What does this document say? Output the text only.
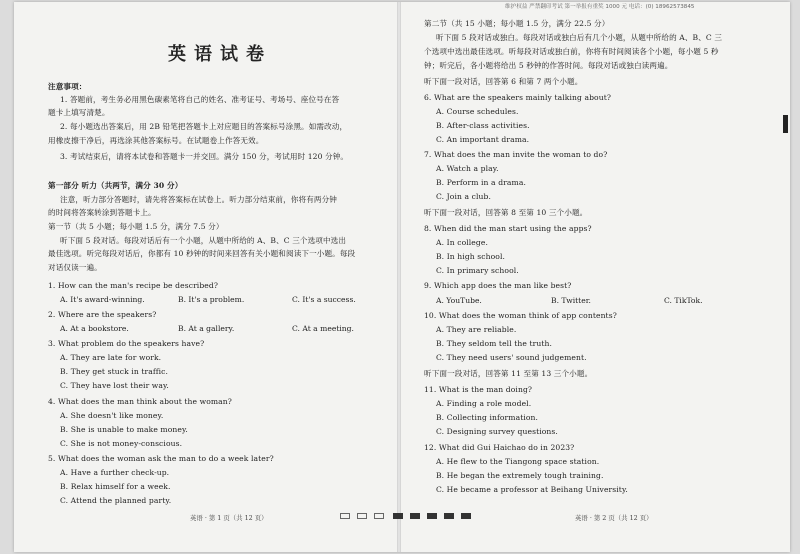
维护权益 严禁翻印考试 第一举报有重奖 1000 元 电话：(0) 18962573845
英语试卷
注意事项：
1. 答题前，考生务必用黑色碳素笔将自己的姓名、准考证号、考场号、座位号在答
题卡上填写清楚。
2. 每小题选出答案后，用 2B 铅笔把答题卡上对应题目的答案标号涂黑。如需改动，
用橡皮擦干净后，再选涂其他答案标号。在试题卷上作答无效。
3. 考试结束后，请将本试卷和答题卡一并交回。满分 150 分，考试用时 120 分钟。
第一部分 听力（共两节，满分 30 分）
注意，听力部分答题时，请先将答案标在试卷上。听力部分结束前，你将有两分钟
的时间将答案转涂到答题卡上。
第一节（共 5 小题；每小题 1.5 分，满分 7.5 分）
听下面 5 段对话。每段对话后有一个小题，从题中所给的 A、B、C 三个选项中选出
最佳选项。听完每段对话后，你都有 10 秒钟的时间来回答有关小题和阅读下一小题。每段
对话仅读一遍。
1. How can the man's recipe be described?
A. It's award-winning.	B. It's a problem.	C. It's a success.
2. Where are the speakers?
A. At a bookstore.	B. At a gallery.	C. At a meeting.
3. What problem do the speakers have?
A. They are late for work.
B. They get stuck in traffic.
C. They have lost their way.
4. What does the man think about the woman?
A. She doesn't like money.
B. She is unable to make money.
C. She is not money-conscious.
5. What does the woman ask the man to do a week later?
A. Have a further check-up.
B. Relax himself for a week.
C. Attend the planned party.
英语 · 第 1 页（共 12 页）
第二节（共 15 小题；每小题 1.5 分，满分 22.5 分）
听下面 5 段对话或独白。每段对话或独白后有几个小题，从题中所给的 A、B、C 三
个选项中选出最佳选项。听每段对话或独白前，你将有时间阅读各个小题，每小题 5 秒
钟；听完后，各小题将给出 5 秒钟的作答时间。每段对话或独白读两遍。
听下面一段对话，回答第 6 和第 7 两个小题。
6. What are the speakers mainly talking about?
A. Course schedules.
B. After-class activities.
C. An important drama.
7. What does the man invite the woman to do?
A. Watch a play.
B. Perform in a drama.
C. Join a club.
听下面一段对话，回答第 8 至第 10 三个小题。
8. When did the man start using the apps?
A. In college.
B. In high school.
C. In primary school.
9. Which app does the man like best?
A. YouTube.	B. Twitter.	C. TikTok.
10. What does the woman think of app contents?
A. They are reliable.
B. They seldom tell the truth.
C. They need users' sound judgement.
听下面一段对话，回答第 11 至第 13 三个小题。
11. What is the man doing?
A. Finding a role model.
B. Collecting information.
C. Designing survey questions.
12. What did Gui Haichao do in 2023?
A. He flew to the Tiangong space station.
B. He began the extremely tough training.
C. He became a professor at Beihang University.
英语 · 第 2 页（共 12 页）
